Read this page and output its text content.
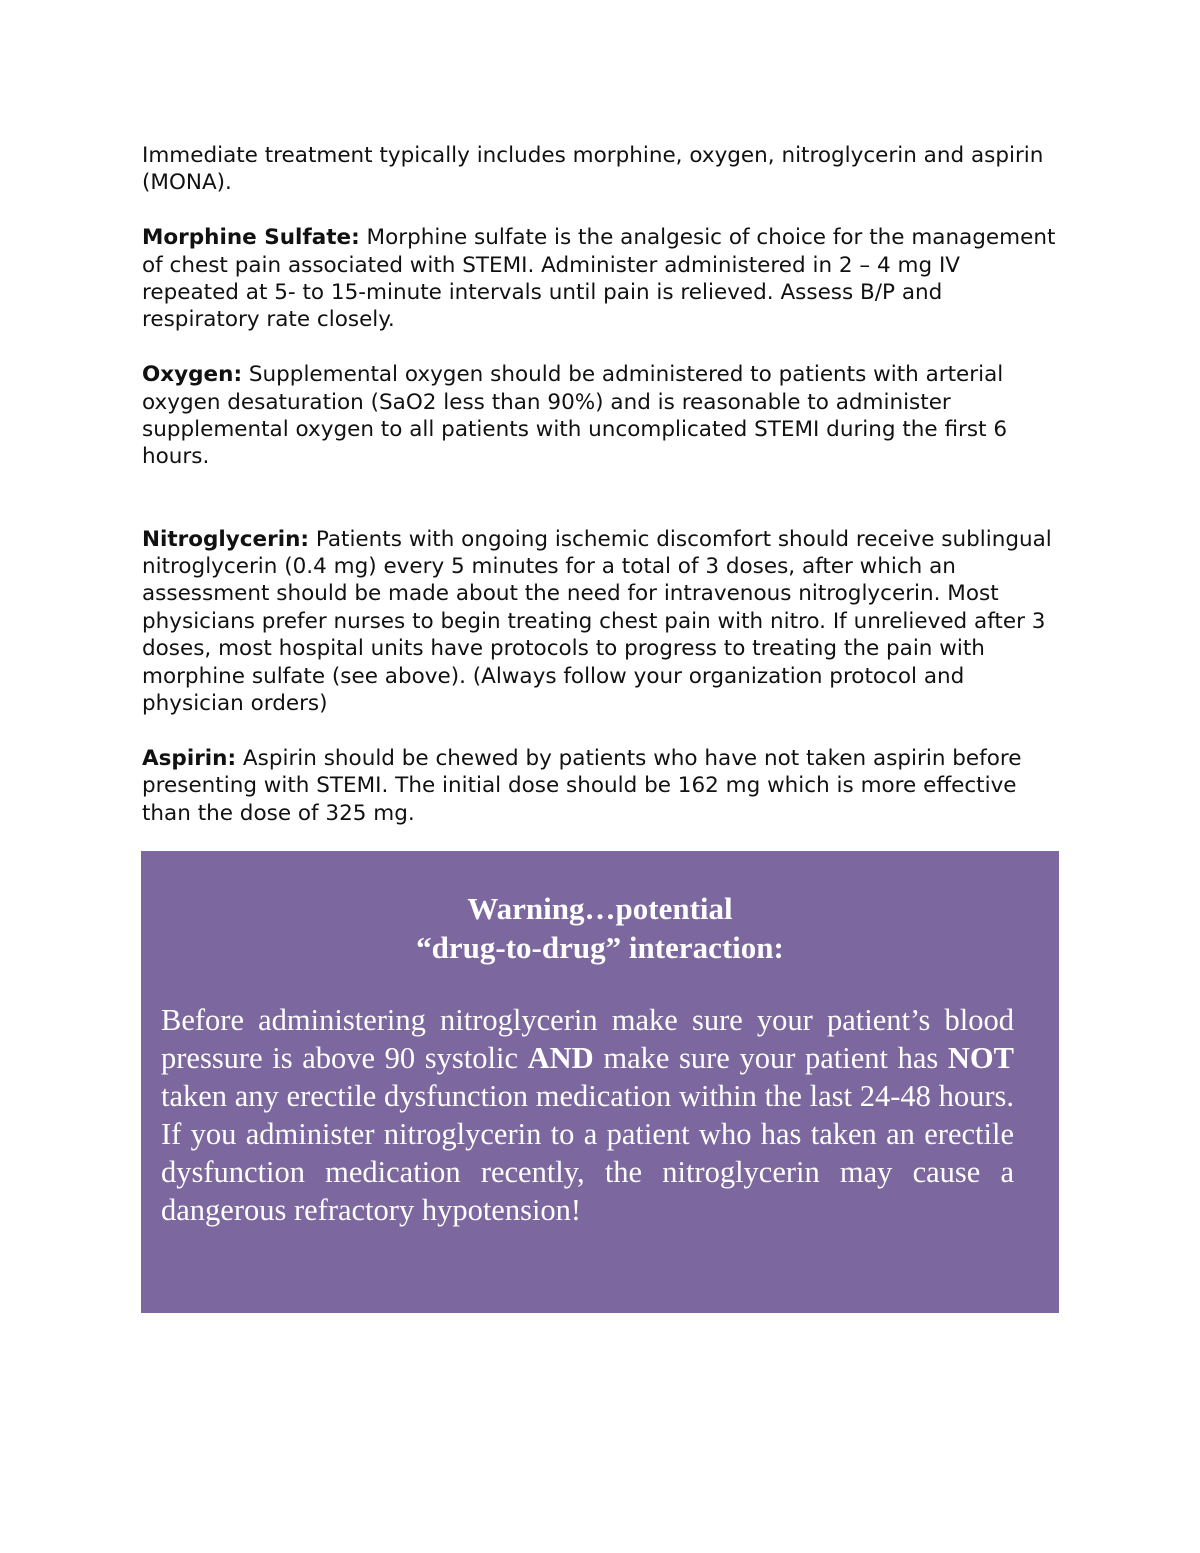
Immediate treatment typically includes morphine, oxygen, nitroglycerin and aspirin (MONA).

Morphine Sulfate: Morphine sulfate is the analgesic of choice for the management of chest pain associated with STEMI. Administer administered in 2 – 4 mg IV repeated at 5- to 15-minute intervals until pain is relieved. Assess B/P and respiratory rate closely.

Oxygen: Supplemental oxygen should be administered to patients with arterial oxygen desaturation (SaO2 less than 90%) and is reasonable to administer supplemental oxygen to all patients with uncomplicated STEMI during the first 6 hours.

Nitroglycerin: Patients with ongoing ischemic discomfort should receive sublingual nitroglycerin (0.4 mg) every 5 minutes for a total of 3 doses, after which an assessment should be made about the need for intravenous nitroglycerin. Most physicians prefer nurses to begin treating chest pain with nitro. If unrelieved after 3 doses, most hospital units have protocols to progress to treating the pain with morphine sulfate (see above). (Always follow your organization protocol and physician orders)

Aspirin: Aspirin should be chewed by patients who have not taken aspirin before presenting with STEMI. The initial dose should be 162 mg which is more effective than the dose of 325 mg.

Warning…potential
“drug-to-drug” interaction:
Before administering nitroglycerin make sure your patient’s blood pressure is above 90 systolic AND make sure your patient has NOT taken any erectile dysfunction medication within the last 24-48 hours. If you administer nitroglycerin to a patient who has taken an erectile dysfunction medication recently, the nitroglycerin may cause a dangerous refractory hypotension!
